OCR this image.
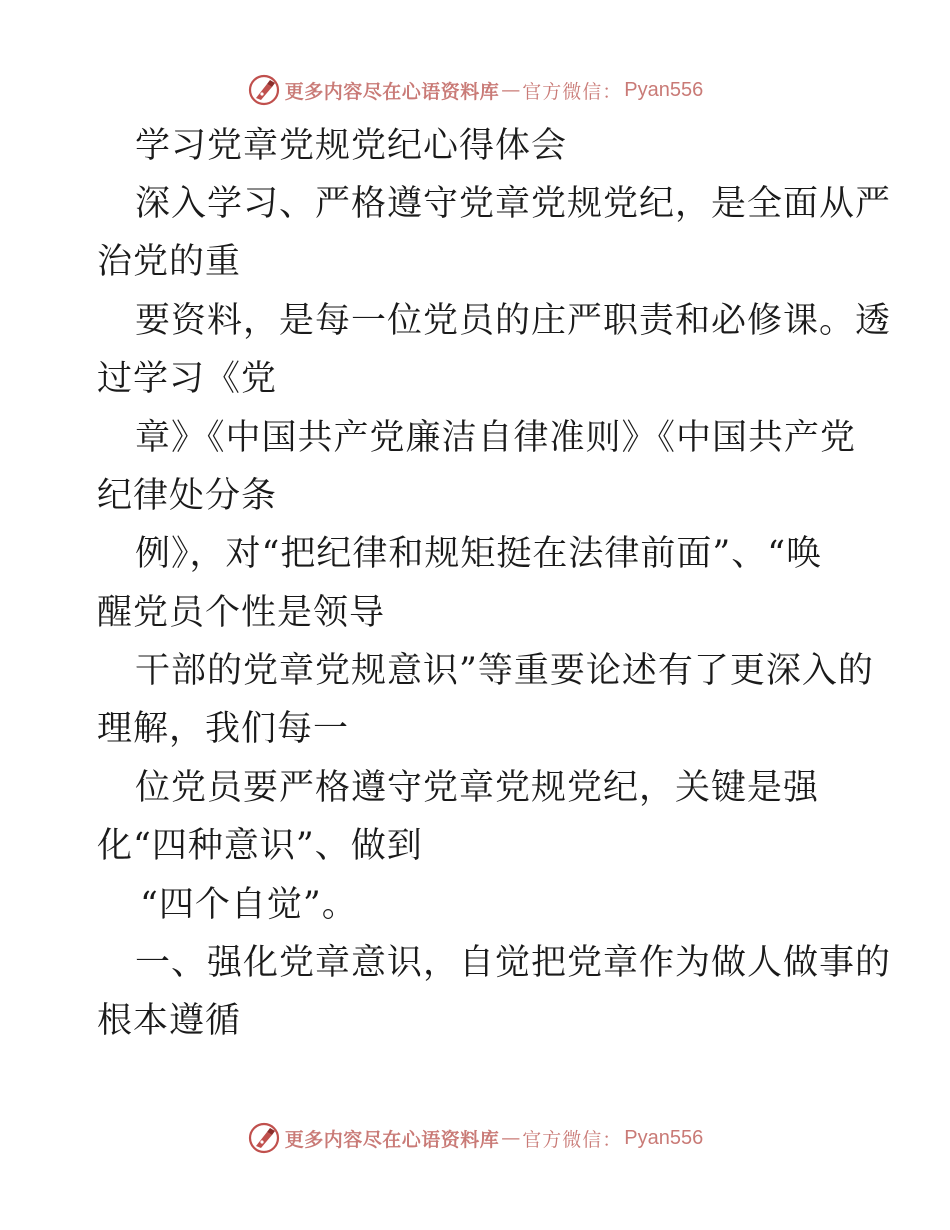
更多内容尽在心语资料库 — 官方微信： Pyan556
学习党章党规党纪心得体会
深入学习、严格遵守党章党规党纪，是全面从严
治党的重
要资料，是每一位党员的庄严职责和必修课。透
过学习《党
章》《中国共产党廉洁自律准则》《中国共产党
纪律处分条
例》，对“把纪律和规矩挺在法律前面”、“唤
醒党员个性是领导
干部的党章党规意识”等重要论述有了更深入的
理解，我们每一
位党员要严格遵守党章党规党纪，关键是强
化“四种意识”、做到
“四个自觉”。
一、强化党章意识，自觉把党章作为做人做事的
根本遵循
更多内容尽在心语资料库 — 官方微信： Pyan556
